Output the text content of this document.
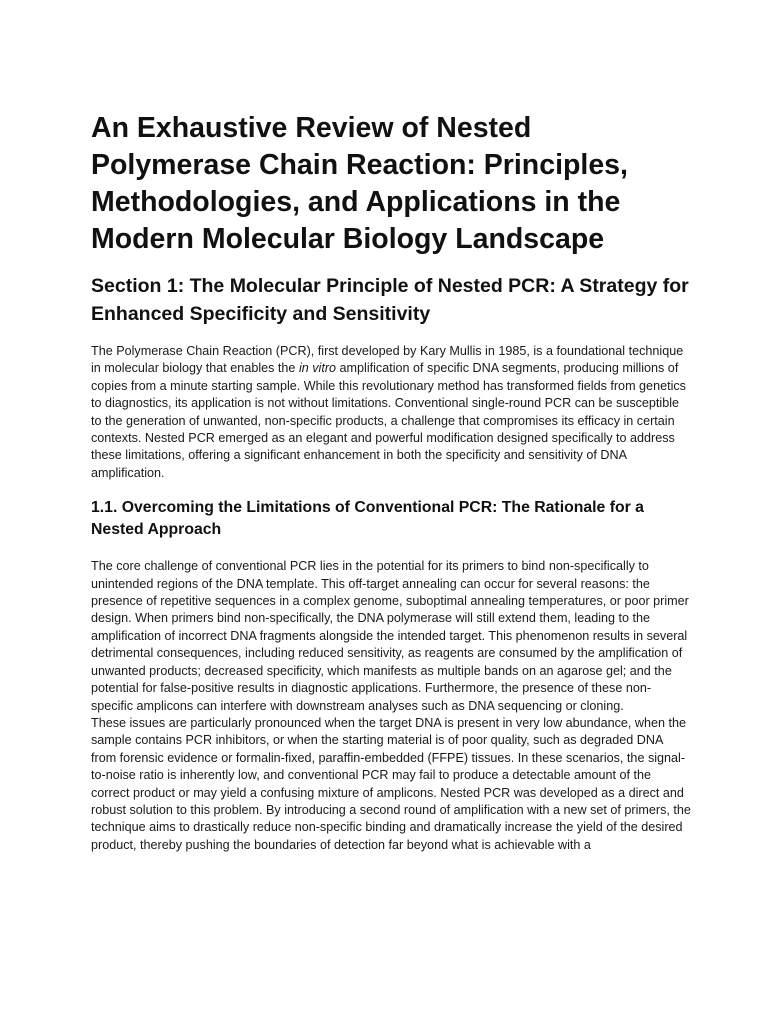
An Exhaustive Review of Nested Polymerase Chain Reaction: Principles, Methodologies, and Applications in the Modern Molecular Biology Landscape
Section 1: The Molecular Principle of Nested PCR: A Strategy for Enhanced Specificity and Sensitivity

The Polymerase Chain Reaction (PCR), first developed by Kary Mullis in 1985, is a foundational technique in molecular biology that enables the in vitro amplification of specific DNA segments, producing millions of copies from a minute starting sample. While this revolutionary method has transformed fields from genetics to diagnostics, its application is not without limitations. Conventional single-round PCR can be susceptible to the generation of unwanted, non-specific products, a challenge that compromises its efficacy in certain contexts. Nested PCR emerged as an elegant and powerful modification designed specifically to address these limitations, offering a significant enhancement in both the specificity and sensitivity of DNA amplification.

1.1. Overcoming the Limitations of Conventional PCR: The Rationale for a Nested Approach

The core challenge of conventional PCR lies in the potential for its primers to bind non-specifically to unintended regions of the DNA template. This off-target annealing can occur for several reasons: the presence of repetitive sequences in a complex genome, suboptimal annealing temperatures, or poor primer design. When primers bind non-specifically, the DNA polymerase will still extend them, leading to the amplification of incorrect DNA fragments alongside the intended target. This phenomenon results in several detrimental consequences, including reduced sensitivity, as reagents are consumed by the amplification of unwanted products; decreased specificity, which manifests as multiple bands on an agarose gel; and the potential for false-positive results in diagnostic applications. Furthermore, the presence of these non-specific amplicons can interfere with downstream analyses such as DNA sequencing or cloning.

These issues are particularly pronounced when the target DNA is present in very low abundance, when the sample contains PCR inhibitors, or when the starting material is of poor quality, such as degraded DNA from forensic evidence or formalin-fixed, paraffin-embedded (FFPE) tissues. In these scenarios, the signal-to-noise ratio is inherently low, and conventional PCR may fail to produce a detectable amount of the correct product or may yield a confusing mixture of amplicons. Nested PCR was developed as a direct and robust solution to this problem. By introducing a second round of amplification with a new set of primers, the technique aims to drastically reduce non-specific binding and dramatically increase the yield of the desired product, thereby pushing the boundaries of detection far beyond what is achievable with a
